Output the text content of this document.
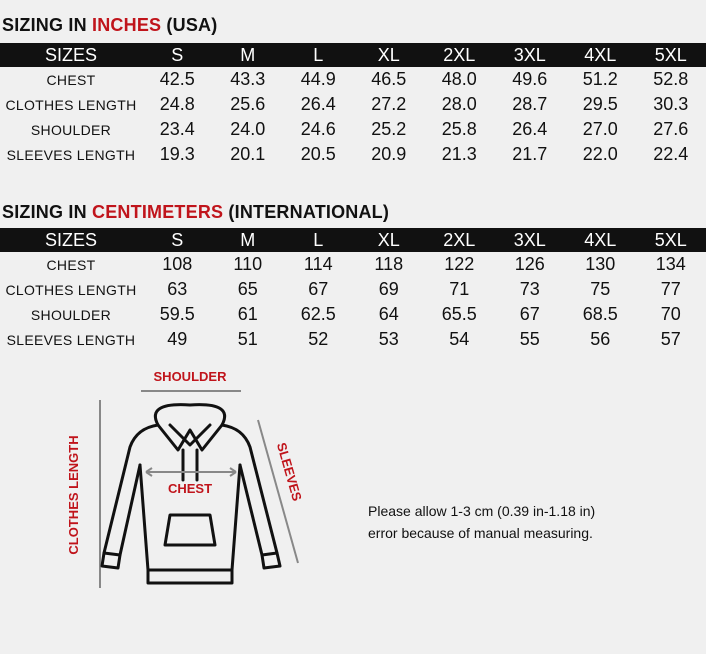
SIZING IN INCHES (USA)
SIZES	S	M	L	XL	2XL	3XL	4XL	5XL
CHEST	42.5	43.3	44.9	46.5	48.0	49.6	51.2	52.8
CLOTHES LENGTH	24.8	25.6	26.4	27.2	28.0	28.7	29.5	30.3
SHOULDER	23.4	24.0	24.6	25.2	25.8	26.4	27.0	27.6
SLEEVES LENGTH	19.3	20.1	20.5	20.9	21.3	21.7	22.0	22.4
SIZING IN CENTIMETERS (INTERNATIONAL)
SIZES	S	M	L	XL	2XL	3XL	4XL	5XL
CHEST	108	110	114	118	122	126	130	134
CLOTHES LENGTH	63	65	67	69	71	73	75	77
SHOULDER	59.5	61	62.5	64	65.5	67	68.5	70
SLEEVES LENGTH	49	51	52	53	54	55	56	57
SHOULDER
CLOTHES LENGTH	SLEEVES
CHEST
Please allow 1-3 cm (0.39 in-1.18 in)
error because of manual measuring.
